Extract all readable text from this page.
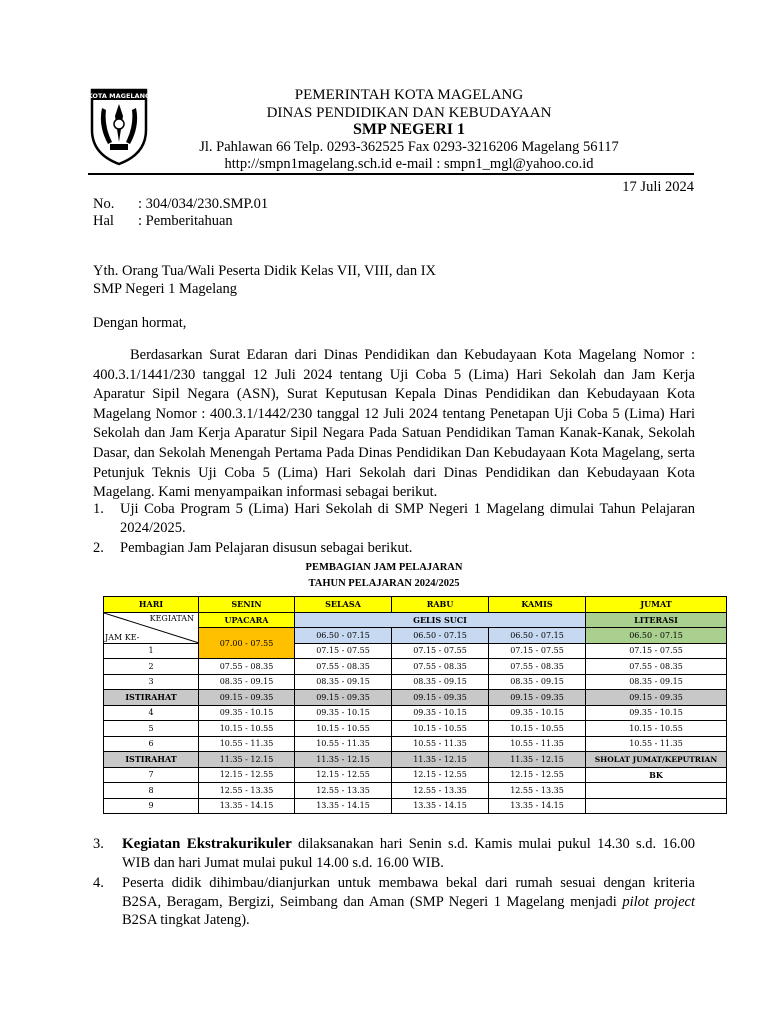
KOTA MAGELANG	PEMERINTAH KOTA MAGELANG
DINAS PENDIDIKAN DAN KEBUDAYAAN
SMP NEGERI 1
Jl. Pahlawan 66 Telp. 0293-362525 Fax 0293-3216206 Magelang 56117
http://smpn1magelang.sch.id e-mail : smpn1_mgl@yahoo.co.id
17 Juli 2024
No. : 304/034/230.SMP.01
Hal : Pemberitahuan
Yth. Orang Tua/Wali Peserta Didik Kelas VII, VIII, dan IX
SMP Negeri 1 Magelang
Dengan hormat,
Berdasarkan Surat Edaran dari Dinas Pendidikan dan Kebudayaan Kota Magelang Nomor : 400.3.1/1441/230 tanggal 12 Juli 2024 tentang Uji Coba 5 (Lima) Hari Sekolah dan Jam Kerja Aparatur Sipil Negara (ASN), Surat Keputusan Kepala Dinas Pendidikan dan Kebudayaan Kota Magelang Nomor : 400.3.1/1442/230 tanggal 12 Juli 2024 tentang Penetapan Uji Coba 5 (Lima) Hari Sekolah dan Jam Kerja Aparatur Sipil Negara Pada Satuan Pendidikan Taman Kanak-Kanak, Sekolah Dasar, dan Sekolah Menengah Pertama Pada Dinas Pendidikan Dan Kebudayaan Kota Magelang, serta Petunjuk Teknis Uji Coba 5 (Lima) Hari Sekolah dari Dinas Pendidikan dan Kebudayaan Kota Magelang. Kami menyampaikan informasi sebagai berikut.
1. Uji Coba Program 5 (Lima) Hari Sekolah di SMP Negeri 1 Magelang dimulai Tahun Pelajaran 2024/2025.
2. Pembagian Jam Pelajaran disusun sebagai berikut.
PEMBAGIAN JAM PELAJARAN
TAHUN PELAJARAN 2024/2025
HARI	SENIN	SELASA	RABU	KAMIS	JUMAT

KEGIATAN
JAM KE-	UPACARA	GELIS SUCI			LITERASI
	07.00 - 07.55	06.50 - 07.15	06.50 - 07.15	06.50 - 07.15	06.50 - 07.15
1		07.15 - 07.55	07.15 - 07.55	07.15 - 07.55	07.15 - 07.55
2	07.55 - 08.35	07.55 - 08.35	07.55 - 08.35	07.55 - 08.35	07.55 - 08.35
3	08.35 - 09.15	08.35 - 09.15	08.35 - 09.15	08.35 - 09.15	08.35 - 09.15
ISTIRAHAT	09.15 - 09.35	09.15 - 09.35	09.15 - 09.35	09.15 - 09.35	09.15 - 09.35
4	09.35 - 10.15	09.35 - 10.15	09.35 - 10.15	09.35 - 10.15	09.35 - 10.15
5	10.15 - 10.55	10.15 - 10.55	10.15 - 10.55	10.15 - 10.55	10.15 - 10.55
6	10.55 - 11.35	10.55 - 11.35	10.55 - 11.35	10.55 - 11.35	10.55 - 11.35
ISTIRAHAT	11.35 - 12.15	11.35 - 12.15	11.35 - 12.15	11.35 - 12.15	SHOLAT JUMAT/KEPUTRIAN
7	12.15 - 12.55	12.15 - 12.55	12.15 - 12.55	12.15 - 12.55	BK
8	12.55 - 13.35	12.55 - 13.35	12.55 - 13.35	12.55 - 13.35	
9	13.35 - 14.15	13.35 - 14.15	13.35 - 14.15	13.35 - 14.15	
3. Kegiatan Ekstrakurikuler dilaksanakan hari Senin s.d. Kamis mulai pukul 14.30 s.d. 16.00 WIB dan hari Jumat mulai pukul 14.00 s.d. 16.00 WIB.
4. Peserta didik dihimbau/dianjurkan untuk membawa bekal dari rumah sesuai dengan kriteria B2SA, Beragam, Bergizi, Seimbang dan Aman (SMP Negeri 1 Magelang menjadi pilot project B2SA tingkat Jateng).
